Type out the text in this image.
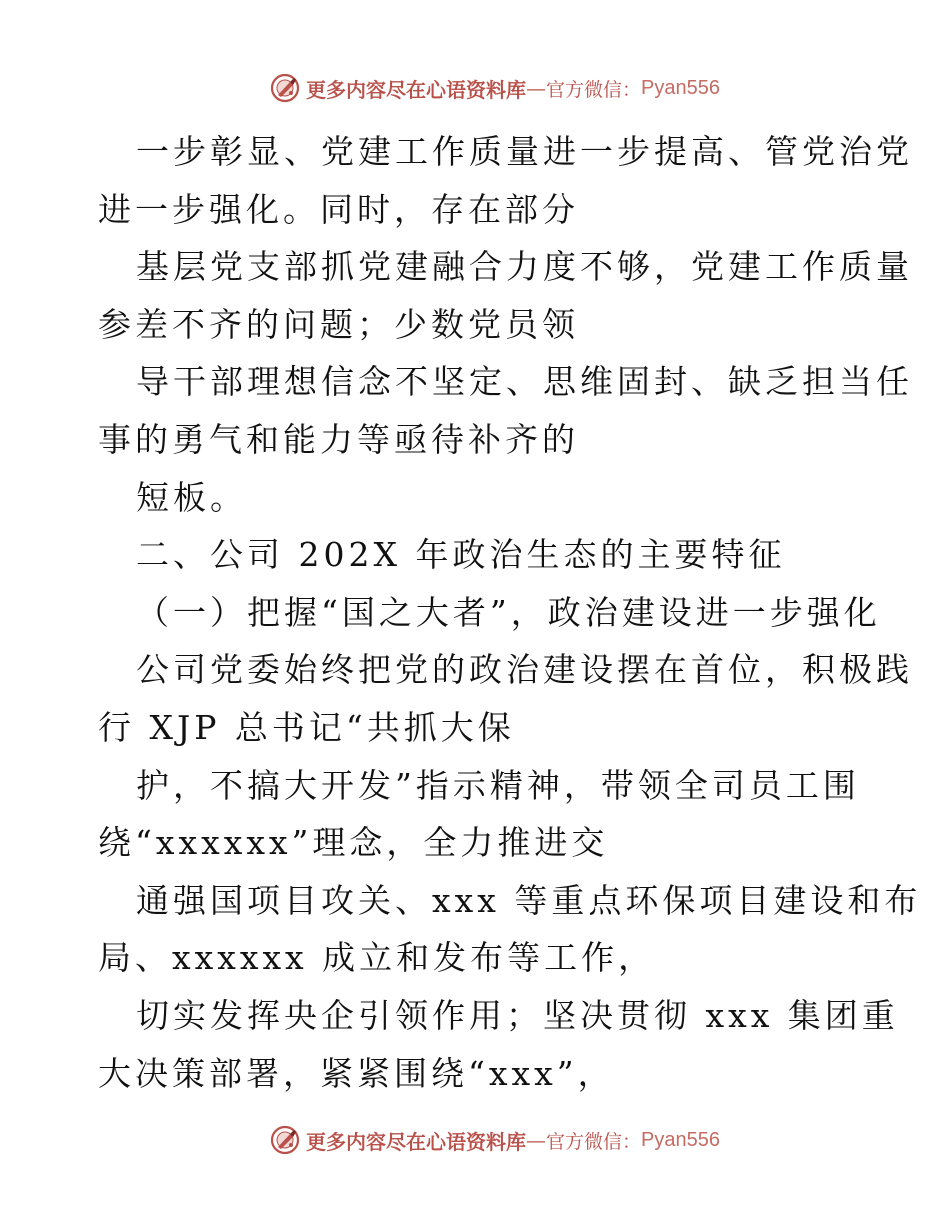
更多内容尽在心语资料库 — 官方微信： Pyan556
一步彰显、党建工作质量进一步提高、管党治党
进一步强化。同时，存在部分
基层党支部抓党建融合力度不够，党建工作质量
参差不齐的问题；少数党员领
导干部理想信念不坚定、思维固封、缺乏担当任
事的勇气和能力等亟待补齐的
短板。
二、公司 202X 年政治生态的主要特征
（一）把握“国之大者”，政治建设进一步强化
公司党委始终把党的政治建设摆在首位，积极践
行 XJP 总书记“共抓大保
护，不搞大开发”指示精神，带领全司员工围
绕“xxxxxx”理念，全力推进交
通强国项目攻关、xxx 等重点环保项目建设和布
局、xxxxxx 成立和发布等工作，
切实发挥央企引领作用；坚决贯彻 xxx 集团重
大决策部署，紧紧围绕“xxx”，
更多内容尽在心语资料库 — 官方微信： Pyan556
